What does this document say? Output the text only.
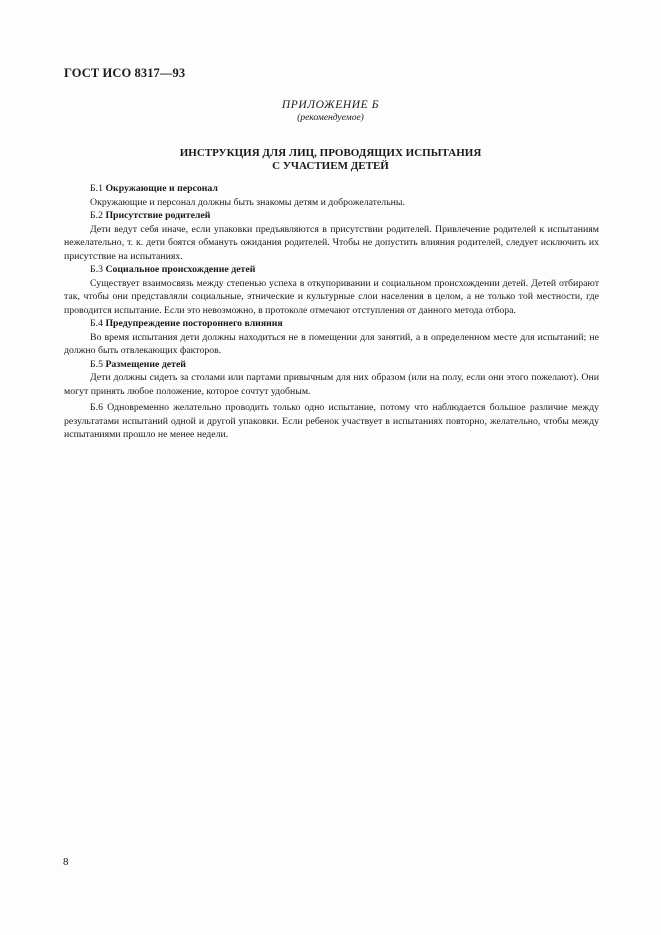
ГОСТ ИСО 8317—93
ПРИЛОЖЕНИЕ Б
(рекомендуемое)
ИНСТРУКЦИЯ ДЛЯ ЛИЦ, ПРОВОДЯЩИХ ИСПЫТАНИЯ
С УЧАСТИЕМ ДЕТЕЙ

Б.1 Окружающие и персонал

Окружающие и персонал должны быть знакомы детям и доброжелательны.

Б.2 Присутствие родителей

Дети ведут себя иначе, если упаковки предъявляются в присутствии родителей. Привлечение родителей к испытаниям нежелательно, т. к. дети боятся обмануть ожидания родителей. Чтобы не допустить влияния родителей, следует исключить их присутствие на испытаниях.

Б.3 Социальное происхождение детей

Существует взаимосвязь между степенью успеха в откупоривании и социальном происхождении детей. Детей отбирают так, чтобы они представляли социальные, этнические и культурные слои населения в целом, а не только той местности, где проводится испытание. Если это невозможно, в протоколе отмечают отступления от данного метода отбора.

Б.4 Предупреждение постороннего влияния

Во время испытания дети должны находиться не в помещении для занятий, а в определенном месте для испытаний; не должно быть отвлекающих факторов.

Б.5 Размещение детей

Дети должны сидеть за столами или партами привычным для них образом (или на полу, если они этого пожелают). Они могут принять любое положение, которое сочтут удобным.

Б.6 Одновременно желательно проводить только одно испытание, потому что наблюдается большое различие между результатами испытаний одной и другой упаковки. Если ребенок участвует в испытаниях повторно, желательно, чтобы между испытаниями прошло не менее недели.

8
